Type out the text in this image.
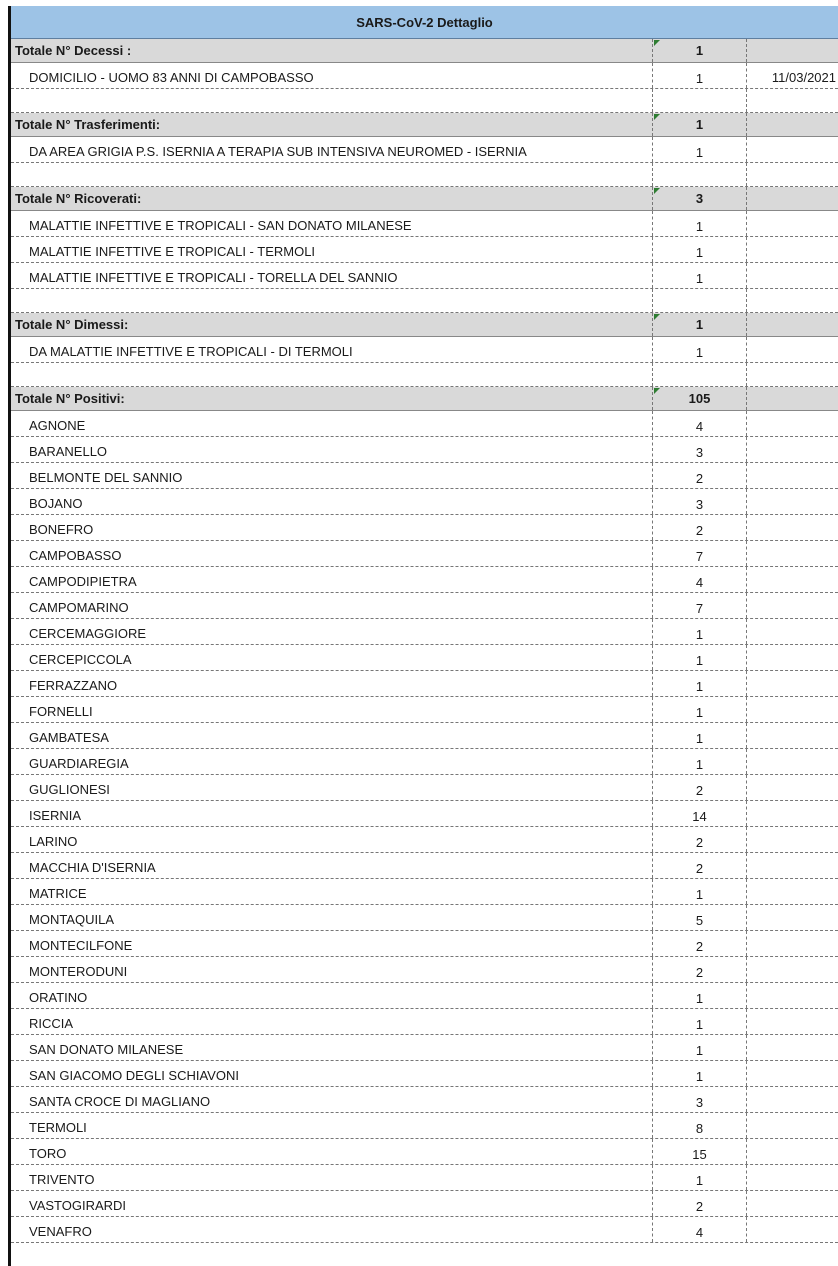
SARS-CoV-2 Dettaglio
Totale N° Decessi :	1
DOMICILIO - UOMO 83 ANNI DI CAMPOBASSO	1	11/03/2021
Totale N° Trasferimenti:	1
DA AREA GRIGIA P.S. ISERNIA A TERAPIA SUB INTENSIVA NEUROMED - ISERNIA	1
Totale N° Ricoverati:	3
MALATTIE INFETTIVE E TROPICALI - SAN DONATO MILANESE	1
MALATTIE INFETTIVE E TROPICALI - TERMOLI	1
MALATTIE INFETTIVE E TROPICALI - TORELLA DEL SANNIO	1
Totale N° Dimessi:	1
DA MALATTIE INFETTIVE E TROPICALI - DI TERMOLI	1
Totale N° Positivi:	105
AGNONE	4
BARANELLO	3
BELMONTE DEL SANNIO	2
BOJANO	3
BONEFRO	2
CAMPOBASSO	7
CAMPODIPIETRA	4
CAMPOMARINO	7
CERCEMAGGIORE	1
CERCEPICCOLA	1
FERRAZZANO	1
FORNELLI	1
GAMBATESA	1
GUARDIAREGIA	1
GUGLIONESI	2
ISERNIA	14
LARINO	2
MACCHIA D'ISERNIA	2
MATRICE	1
MONTAQUILA	5
MONTECILFONE	2
MONTERODUNI	2
ORATINO	1
RICCIA	1
SAN DONATO MILANESE	1
SAN GIACOMO DEGLI SCHIAVONI	1
SANTA CROCE DI MAGLIANO	3
TERMOLI	8
TORO	15
TRIVENTO	1
VASTOGIRARDI	2
VENAFRO	4
